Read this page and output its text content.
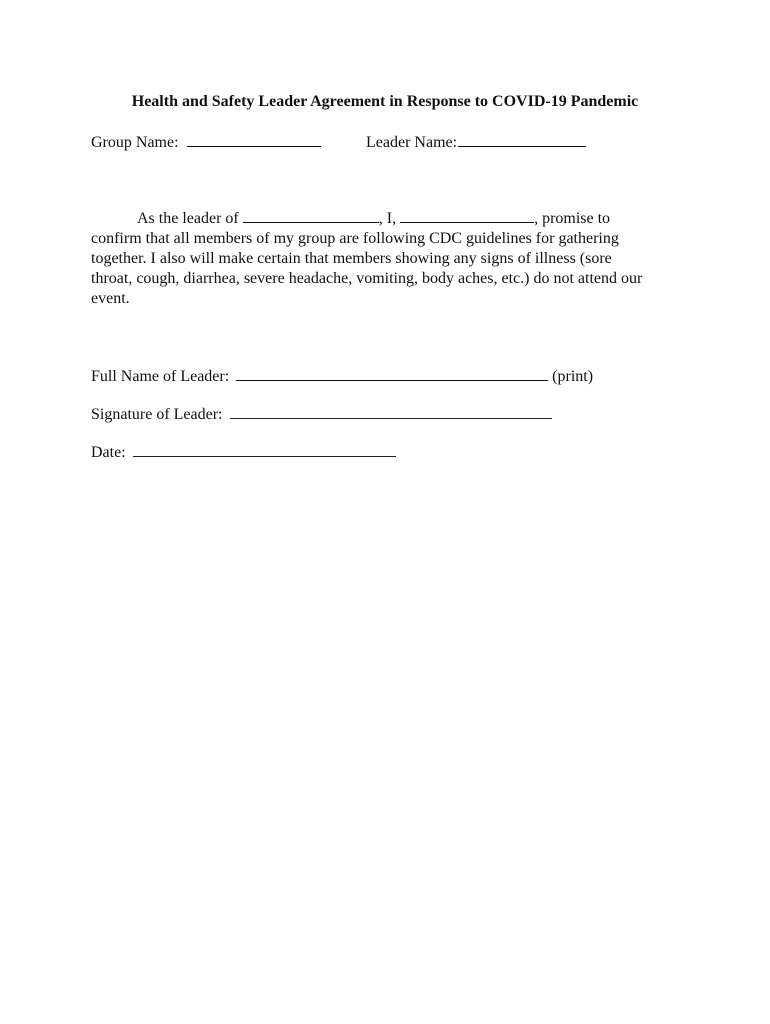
Health and Safety Leader Agreement in Response to COVID-19 Pandemic
Group Name:	Leader Name:
As the leader of	, I,	, promise to
confirm that all members of my group are following CDC guidelines for gathering
together. I also will make certain that members showing any signs of illness (sore
throat, cough, diarrhea, severe headache, vomiting, body aches, etc.) do not attend our
event.
Full Name of Leader:	(print)
Signature of Leader:
Date:
